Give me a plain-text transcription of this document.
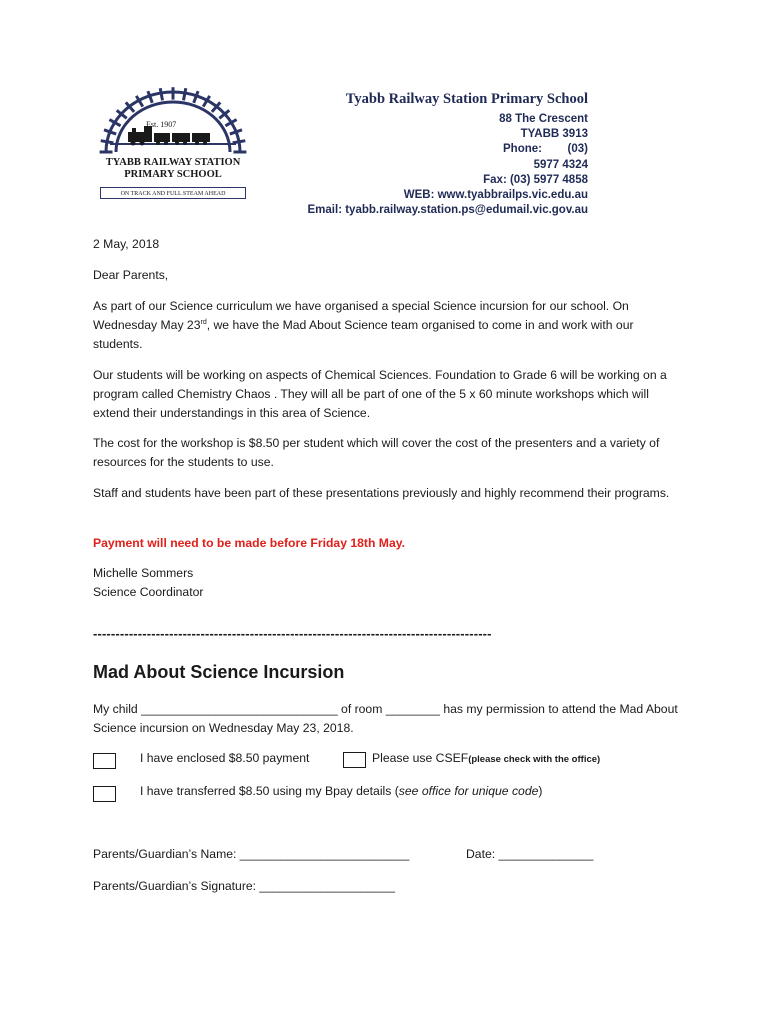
Est. 1907
TYABB RAILWAY STATION
PRIMARY SCHOOL
ON TRACK AND FULL STEAM AHEAD
Tyabb Railway Station Primary School
88 The Crescent
TYABB 3913
Phone:        (03)
5977 4324
Fax: (03) 5977 4858
WEB: www.tyabbrailps.vic.edu.au
Email: tyabb.railway.station.ps@edumail.vic.gov.au
2 May, 2018
Dear Parents,
As part of our Science curriculum we have organised a special Science incursion for our school. On Wednesday May 23rd, we have the Mad About Science team organised to come in and work with our students.
Our students will be working on aspects of Chemical Sciences. Foundation to Grade 6 will be working on a program called Chemistry Chaos . They will all be part of one of the 5 x 60 minute workshops which will extend their understandings in this area of Science.
The cost for the workshop is $8.50 per student which will cover the cost of the presenters and a variety of resources for the students to use.
Staff and students have been part of these presentations previously and highly recommend their programs.
Payment will need to be made before Friday 18th May.
Michelle Sommers
Science Coordinator
-----------------------------------------------------------------------------------------
Mad About Science Incursion
My child _____________________________ of room ________ has my permission to attend the Mad About Science incursion on Wednesday May 23, 2018.
I have enclosed $8.50 payment	Please use CSEF(please check with the office)
I have transferred $8.50 using my Bpay details (see office for unique code)
Parents/Guardian’s Name: _________________________	Date: ______________
Parents/Guardian’s Signature: ____________________
